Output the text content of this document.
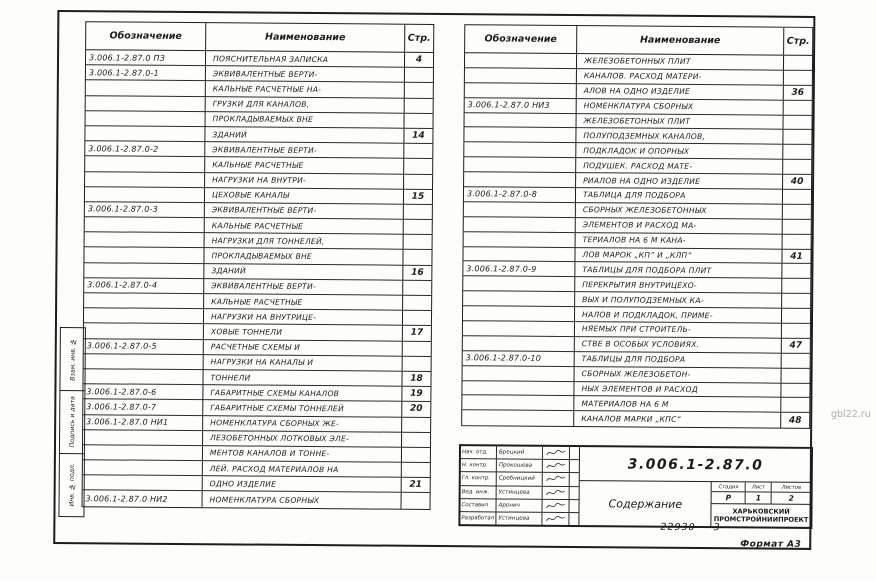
gbl22.ru
Обозначение	Наименование	Стр.
3.006.1-2.87.0 ПЗ	ПОЯСНИТЕЛЬНАЯ ЗАПИСКА	4
3.006.1-2.87.0-1	ЭКВИВАЛЕНТНЫЕ ВЕРТИ-
КАЛЬНЫЕ РАСЧЕТНЫЕ НА-
ГРУЗКИ ДЛЯ КАНАЛОВ,
ПРОКЛАДЫВАЕМЫХ ВНЕ
ЗДАНИЙ	14
3.006.1-2.87.0-2	ЭКВИВАЛЕНТНЫЕ ВЕРТИ-
КАЛЬНЫЕ РАСЧЕТНЫЕ
НАГРУЗКИ НА ВНУТРИ-
ЦЕХОВЫЕ КАНАЛЫ	15
3.006.1-2.87.0-3	ЭКВИВАЛЕНТНЫЕ ВЕРТИ-
КАЛЬНЫЕ РАСЧЕТНЫЕ
НАГРУЗКИ ДЛЯ ТОННЕЛЕЙ,
ПРОКЛАДЫВАЕМЫХ ВНЕ
ЗДАНИЙ	16
3.006.1-2.87.0-4	ЭКВИВАЛЕНТНЫЕ ВЕРТИ-
КАЛЬНЫЕ РАСЧЕТНЫЕ
НАГРУЗКИ НА ВНУТРИЦЕ-
ХОВЫЕ ТОННЕЛИ	17
3.006.1-2.87.0-5	РАСЧЕТНЫЕ СХЕМЫ И
НАГРУЗКИ НА КАНАЛЫ И
ТОННЕЛИ	18
3.006.1-2.87.0-6	ГАБАРИТНЫЕ СХЕМЫ КАНАЛОВ	19
3.006.1-2.87.0-7	ГАБАРИТНЫЕ СХЕМЫ ТОННЕЛЕЙ	20
3.006.1-2.87.0 НИ1	НОМЕНКЛАТУРА СБОРНЫХ ЖЕ-
ЛЕЗОБЕТОННЫХ ЛОТКОВЫХ ЭЛЕ-
МЕНТОВ КАНАЛОВ И ТОННЕ-
ЛЕЙ. РАСХОД МАТЕРИАЛОВ НА
ОДНО ИЗДЕЛИЕ	21
3.006.1-2.87.0 НИ2	НОМЕНКЛАТУРА СБОРНЫХ
Обозначение	Наименование	Стр.
ЖЕЛЕЗОБЕТОННЫХ ПЛИТ
КАНАЛОВ. РАСХОД МАТЕРИ-
АЛОВ НА ОДНО ИЗДЕЛИЕ	36
3.006.1-2.87.0 НИ3	НОМЕНКЛАТУРА СБОРНЫХ
ЖЕЛЕЗОБЕТОННЫХ ПЛИТ
ПОЛУПОДЗЕМНЫХ КАНАЛОВ,
ПОДКЛАДОК И ОПОРНЫХ
ПОДУШЕК. РАСХОД МАТЕ-
РИАЛОВ НА ОДНО ИЗДЕЛИЕ	40
3.006.1-2.87.0-8	ТАБЛИЦА ДЛЯ ПОДБОРА
СБОРНЫХ ЖЕЛЕЗОБЕТОННЫХ
ЭЛЕМЕНТОВ И РАСХОД МА-
ТЕРИАЛОВ НА 6 М КАНА-
ЛОВ МАРОК „КП” И „КЛП”	41
3.006.1-2.87.0-9	ТАБЛИЦЫ ДЛЯ ПОДБОРА ПЛИТ
ПЕРЕКРЫТИЯ ВНУТРИЦЕХО-
ВЫХ И ПОЛУПОДЗЕМНЫХ КА-
НАЛОВ И ПОДКЛАДОК, ПРИМЕ-
НЯЕМЫХ ПРИ СТРОИТЕЛЬ-
СТВЕ В ОСОБЫХ УСЛОВИЯХ.	47
3.006.1-2.87.0-10	ТАБЛИЦЫ ДЛЯ ПОДБОРА
СБОРНЫХ ЖЕЛЕЗОБЕТОН-
НЫХ ЭЛЕМЕНТОВ И РАСХОД
МАТЕРИАЛОВ НА 6 М
КАНАЛОВ МАРКИ „КПС”	48
Взам. инв. №
Подпись и дата
Инв. № подл.
Нач. отд.	Брецкий
Н. контр.	Прокошева
Гл. контр.	Сребницкий
Вед. инж.	Устинцева
Составил	Аронич
Разработал Устинцева
3.006.1-2.87.0
Содержание
Стадия	Лист	Листов
Р	1	2
ХАРЬКОВСКИЙ ПРОМСТРОЙНИИПРОЕКТ
22930 3
Формат А3
